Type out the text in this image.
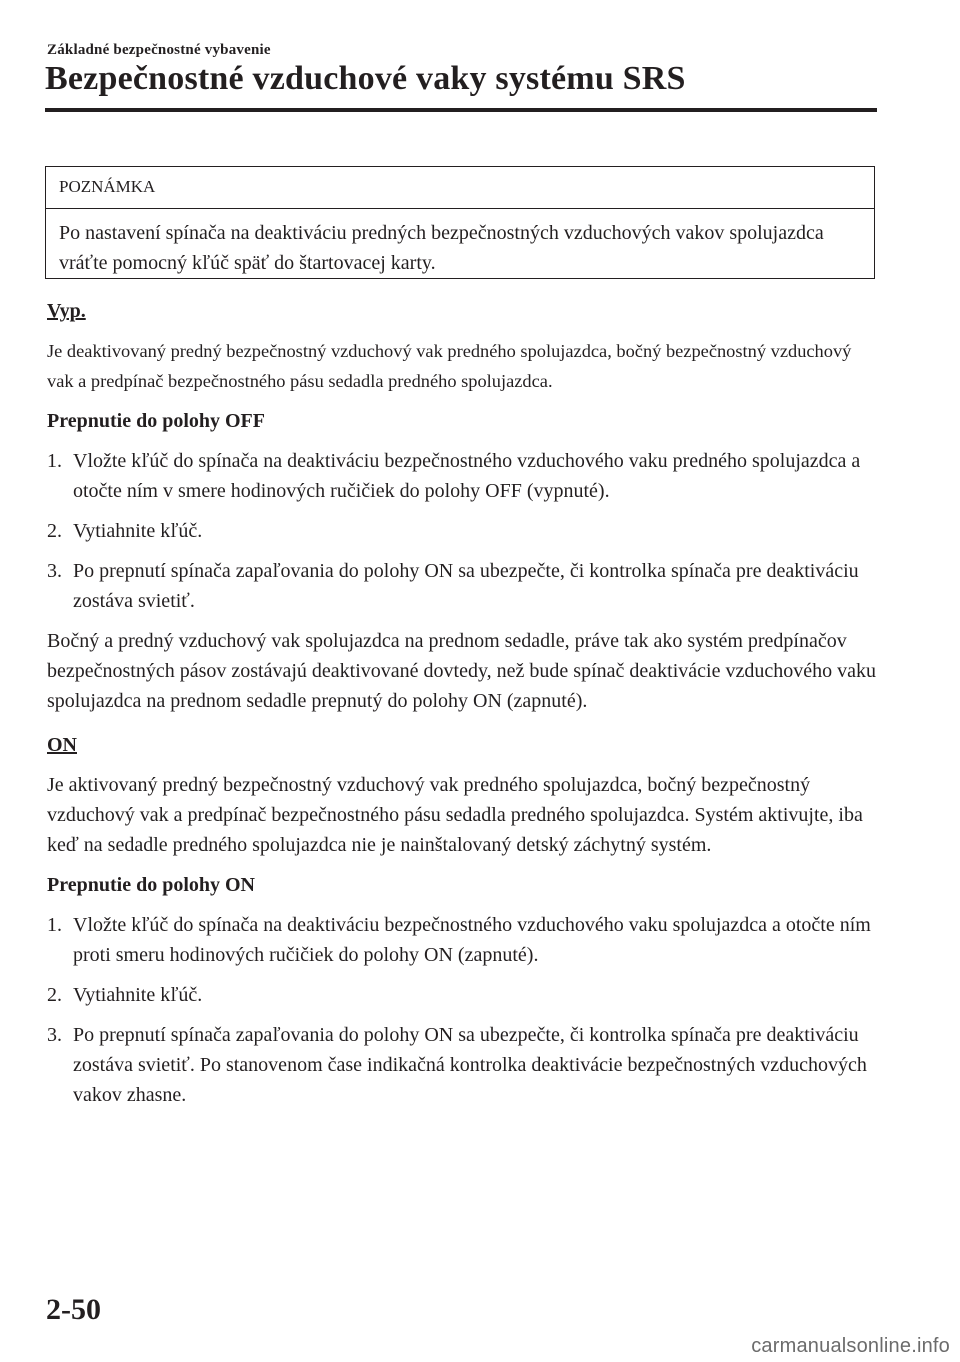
Základné bezpečnostné vybavenie
Bezpečnostné vzduchové vaky systému SRS
POZNÁMKA
Po nastavení spínača na deaktiváciu predných bezpečnostných vzduchových vakov spolujazdca vráťte pomocný kľúč späť do štartovacej karty.

Vyp.

Je deaktivovaný predný bezpečnostný vzduchový vak predného spolujazdca, bočný bezpečnostný vzduchový vak a predpínač bezpečnostného pásu sedadla predného spolujazdca.

Prepnutie do polohy OFF

1. Vložte kľúč do spínača na deaktiváciu bezpečnostného vzduchového vaku predného spolujazdca a otočte ním v smere hodinových ručičiek do polohy OFF (vypnuté).
2. Vytiahnite kľúč.
3. Po prepnutí spínača zapaľovania do polohy ON sa ubezpečte, či kontrolka spínača pre deaktiváciu zostáva svietiť.

Bočný a predný vzduchový vak spolujazdca na prednom sedadle, práve tak ako systém predpínačov bezpečnostných pásov zostávajú deaktivované dovtedy, než bude spínač deaktivácie vzduchového vaku spolujazdca na prednom sedadle prepnutý do polohy ON (zapnuté).

ON

Je aktivovaný predný bezpečnostný vzduchový vak predného spolujazdca, bočný bezpečnostný vzduchový vak a predpínač bezpečnostného pásu sedadla predného spolujazdca. Systém aktivujte, iba keď na sedadle predného spolujazdca nie je nainštalovaný detský záchytný systém.

Prepnutie do polohy ON

1. Vložte kľúč do spínača na deaktiváciu bezpečnostného vzduchového vaku spolujazdca a otočte ním proti smeru hodinových ručičiek do polohy ON (zapnuté).
2. Vytiahnite kľúč.
3. Po prepnutí spínača zapaľovania do polohy ON sa ubezpečte, či kontrolka spínača pre deaktiváciu zostáva svietiť. Po stanovenom čase indikačná kontrolka deaktivácie bezpečnostných vzduchových vakov zhasne.
2-50
carmanualsonline.info
